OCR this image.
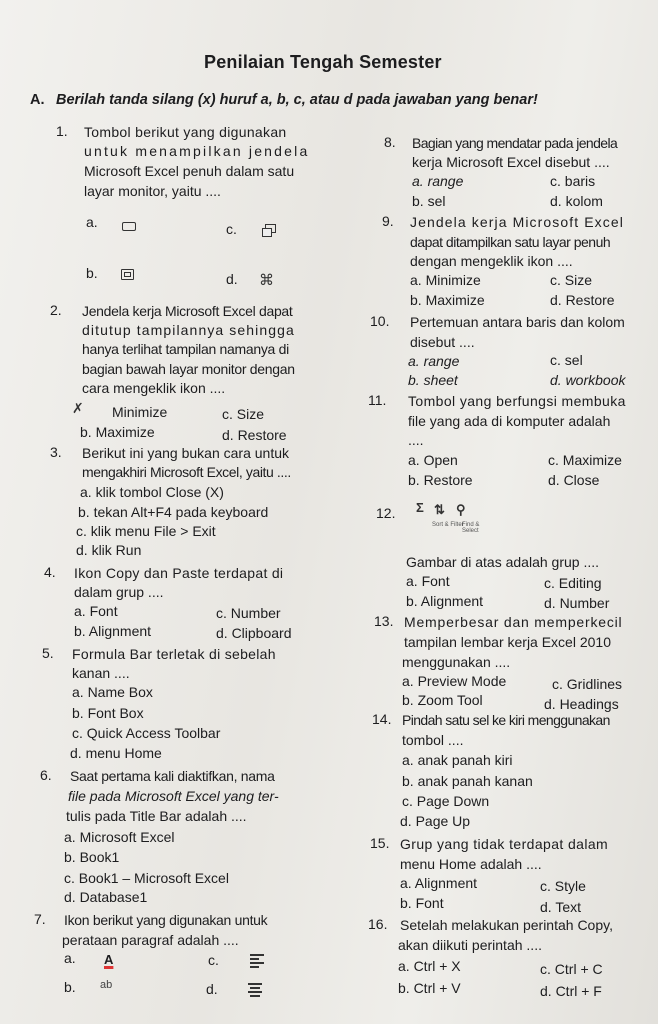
Penilaian Tengah Semester
A. Berilah tanda silang (x) huruf a, b, c, atau d pada jawaban yang benar!
1. Tombol berikut yang digunakan
untuk menampilkan jendela
Microsoft Excel penuh dalam satu
layar monitor, yaitu ....
a.	c.
b.	d. ⌘
2. Jendela kerja Microsoft Excel dapat
ditutup tampilannya sehingga
hanya terlihat tampilan namanya di
bagian bawah layar monitor dengan
cara mengeklik ikon ....
✗ Minimize	c. Size
b. Maximize	d. Restore
3. Berikut ini yang bukan cara untuk
mengakhiri Microsoft Excel, yaitu ....
a. klik tombol Close (X)
b. tekan Alt+F4 pada keyboard
c. klik menu File > Exit
d. klik Run
4. Ikon Copy dan Paste terdapat di
dalam grup ....
a. Font	c. Number
b. Alignment	d. Clipboard
5. Formula Bar terletak di sebelah
kanan ....
a. Name Box
b. Font Box
c. Quick Access Toolbar
d. menu Home
6. Saat pertama kali diaktifkan, nama
file pada Microsoft Excel yang ter-
tulis pada Title Bar adalah ....
a. Microsoft Excel
b. Book1
c. Book1 – Microsoft Excel
d. Database1
7. Ikon berikut yang digunakan untuk
perataan paragraf adalah ....
a. A	c.
b. ab	d.
8. Bagian yang mendatar pada jendela
kerja Microsoft Excel disebut ....
a. range	c. baris
b. sel	d. kolom
9. Jendela kerja Microsoft Excel
dapat ditampilkan satu layar penuh
dengan mengeklik ikon ....
a. Minimize	c. Size
b. Maximize	d. Restore
10. Pertemuan antara baris dan kolom
disebut ....
a. range	c. sel
b. sheet	d. workbook
11. Tombol yang berfungsi membuka
file yang ada di komputer adalah
....
a. Open	c. Maximize
b. Restore	d. Close
12. Σ ⇅ ⚲
Sort & Filter
Find & Select
Gambar di atas adalah grup ....
a. Font	c. Editing
b. Alignment	d. Number
13. Memperbesar dan memperkecil
tampilan lembar kerja Excel 2010
menggunakan ....
a. Preview Mode	c. Gridlines
b. Zoom Tool	d. Headings
14. Pindah satu sel ke kiri menggunakan
tombol ....
a. anak panah kiri
b. anak panah kanan
c. Page Down
d. Page Up
15. Grup yang tidak terdapat dalam
menu Home adalah ....
a. Alignment	c. Style
b. Font	d. Text
16. Setelah melakukan perintah Copy,
akan diikuti perintah ....
a. Ctrl + X	c. Ctrl + C
b. Ctrl + V	d. Ctrl + F
